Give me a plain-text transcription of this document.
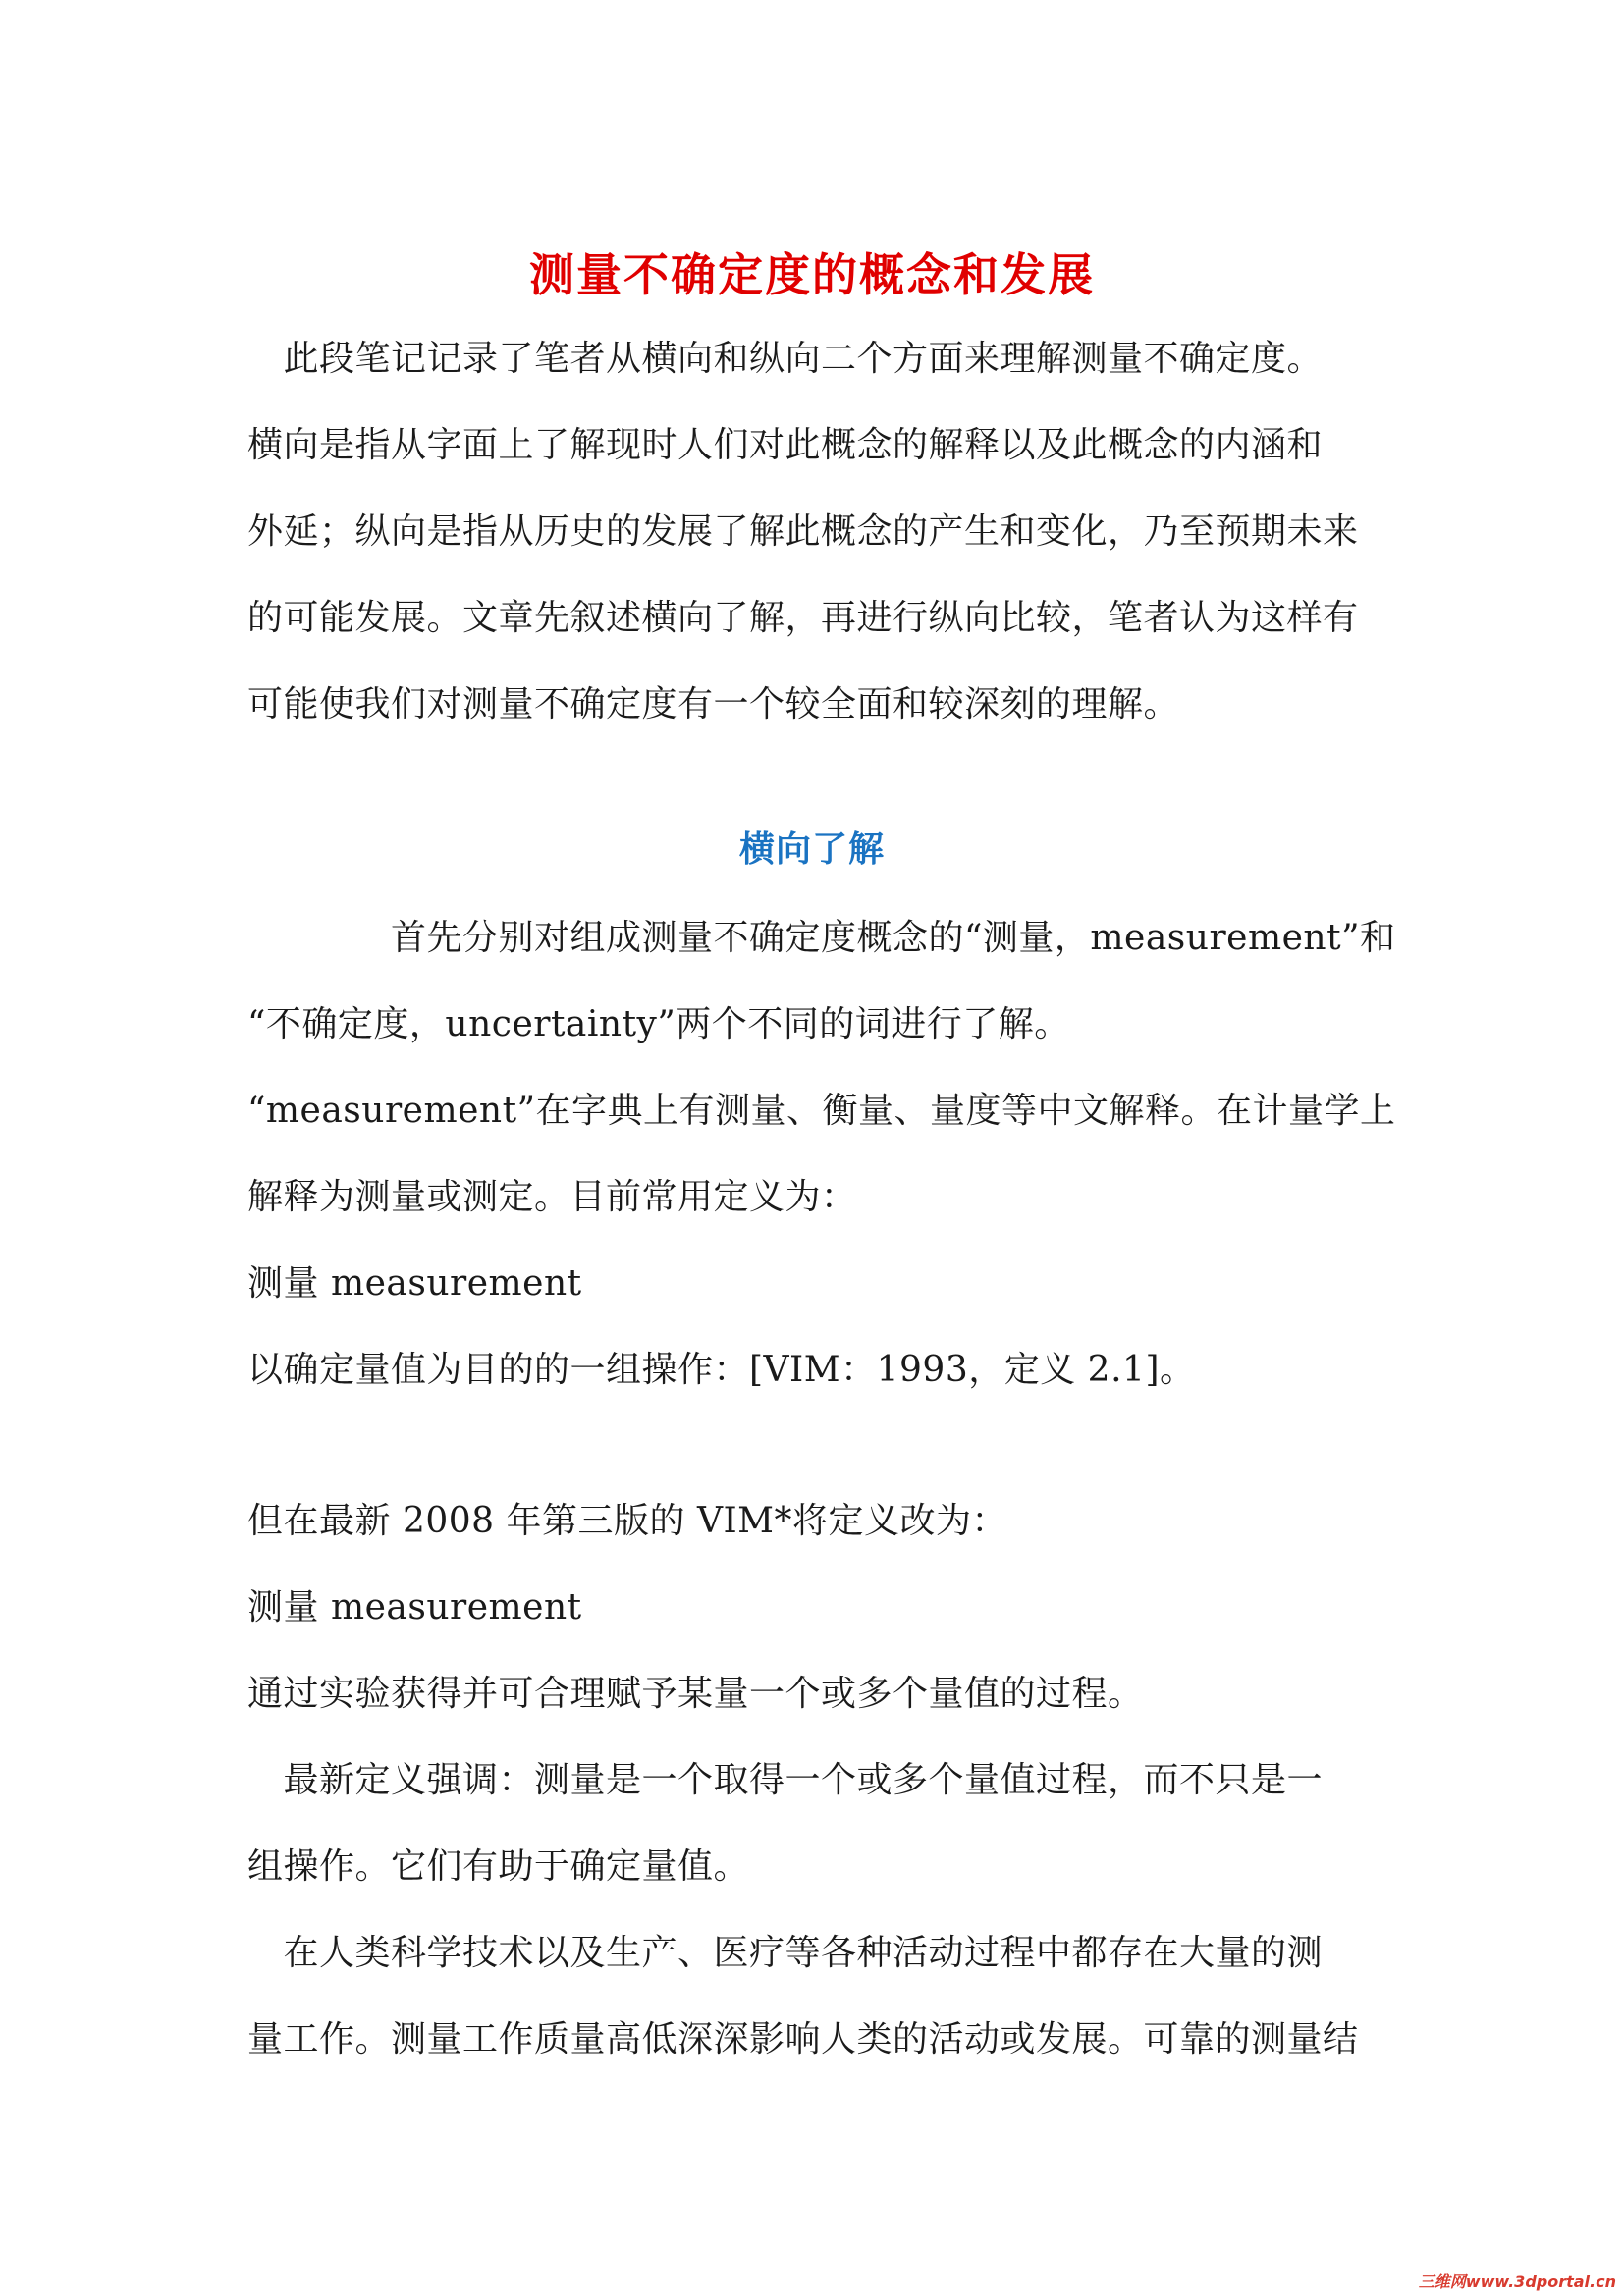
测量不确定度的概念和发展
　此段笔记记录了笔者从横向和纵向二个方面来理解测量不确定度。
横向是指从字面上了解现时人们对此概念的解释以及此概念的内涵和
外延；纵向是指从历史的发展了解此概念的产生和变化，乃至预期未来
的可能发展。文章先叙述横向了解，再进行纵向比较，笔者认为这样有
可能使我们对测量不确定度有一个较全面和较深刻的理解。
横向了解
　　　　首先分别对组成测量不确定度概念的“测量，measurement”和
“不确定度，uncertainty”两个不同的词进行了解。
“measurement”在字典上有测量、衡量、量度等中文解释。在计量学上
解释为测量或测定。目前常用定义为：
测量 measurement
以确定量值为目的的一组操作：[VIM：1993，定义 2.1]。
但在最新 2008 年第三版的 VIM*将定义改为：
测量 measurement
通过实验获得并可合理赋予某量一个或多个量值的过程。
　最新定义强调：测量是一个取得一个或多个量值过程，而不只是一
组操作。它们有助于确定量值。
　在人类科学技术以及生产、医疗等各种活动过程中都存在大量的测
量工作。测量工作质量高低深深影响人类的活动或发展。可靠的测量结
三维网www.3dportal.cn
